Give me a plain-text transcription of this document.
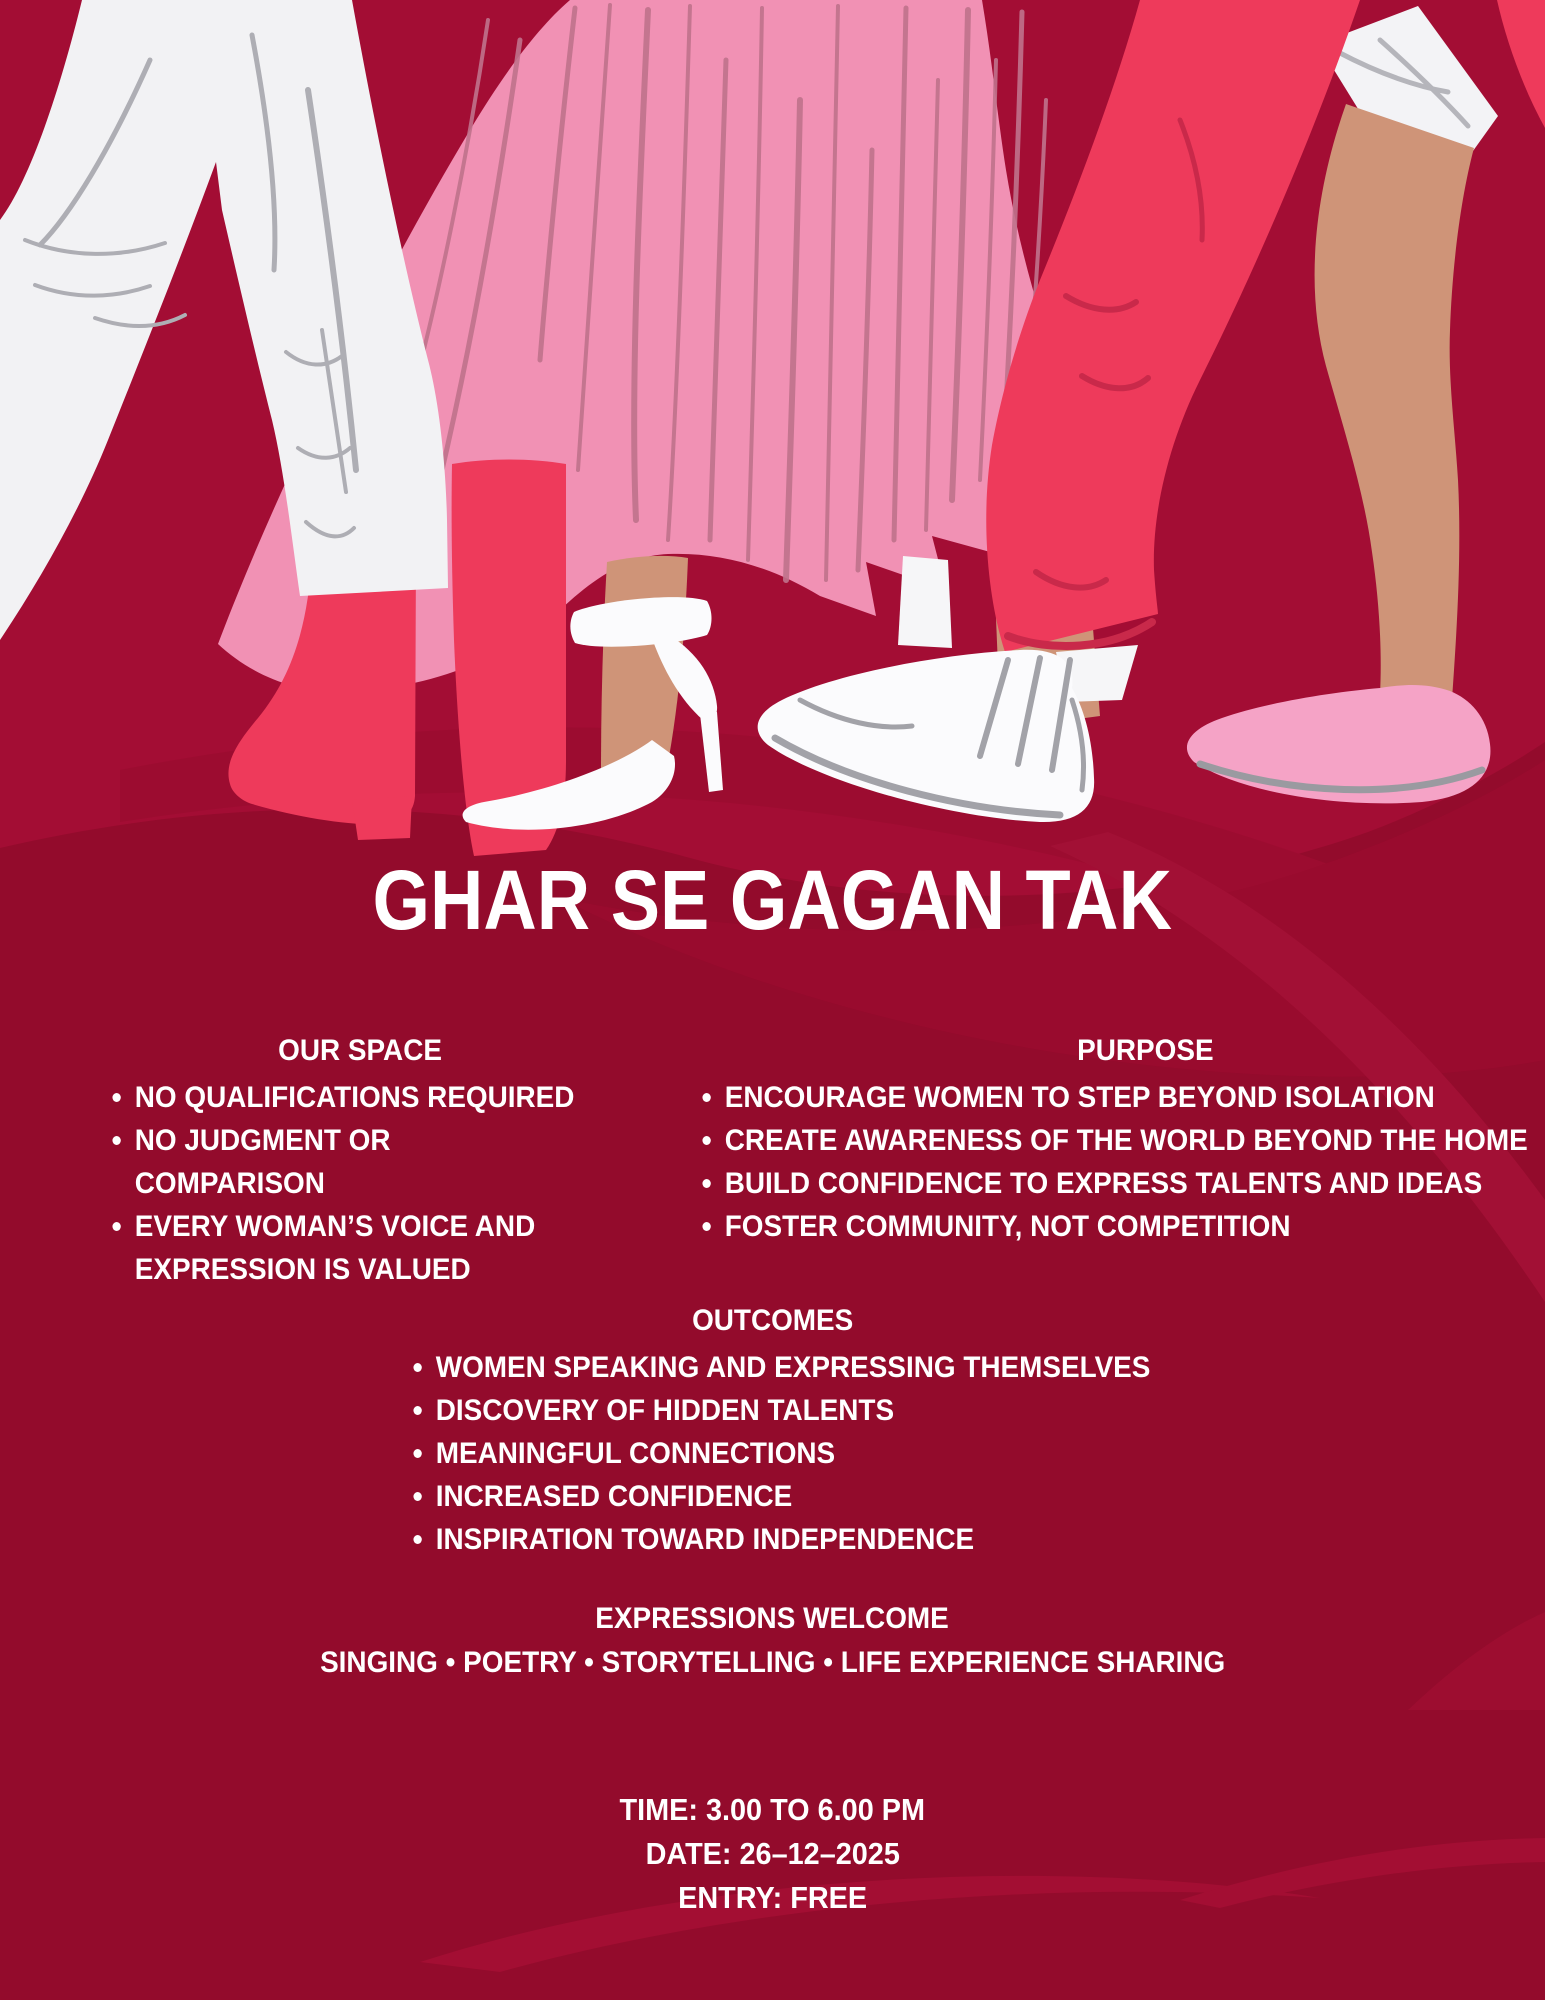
GHAR SE GAGAN TAK
OUR SPACE
NO QUALIFICATIONS REQUIRED
NO JUDGMENT OR COMPARISON
EVERY WOMAN’S VOICE AND EXPRESSION IS VALUED
PURPOSE
ENCOURAGE WOMEN TO STEP BEYOND ISOLATION
CREATE AWARENESS OF THE WORLD BEYOND THE HOME
BUILD CONFIDENCE TO EXPRESS TALENTS AND IDEAS
FOSTER COMMUNITY, NOT COMPETITION
OUTCOMES
WOMEN SPEAKING AND EXPRESSING THEMSELVES
DISCOVERY OF HIDDEN TALENTS
MEANINGFUL CONNECTIONS
INCREASED CONFIDENCE
INSPIRATION TOWARD INDEPENDENCE
EXPRESSIONS WELCOME

SINGING • POETRY • STORYTELLING • LIFE EXPERIENCE SHARING

TIME: 3.00 TO 6.00 PM

DATE: 26–12–2025

ENTRY: FREE
